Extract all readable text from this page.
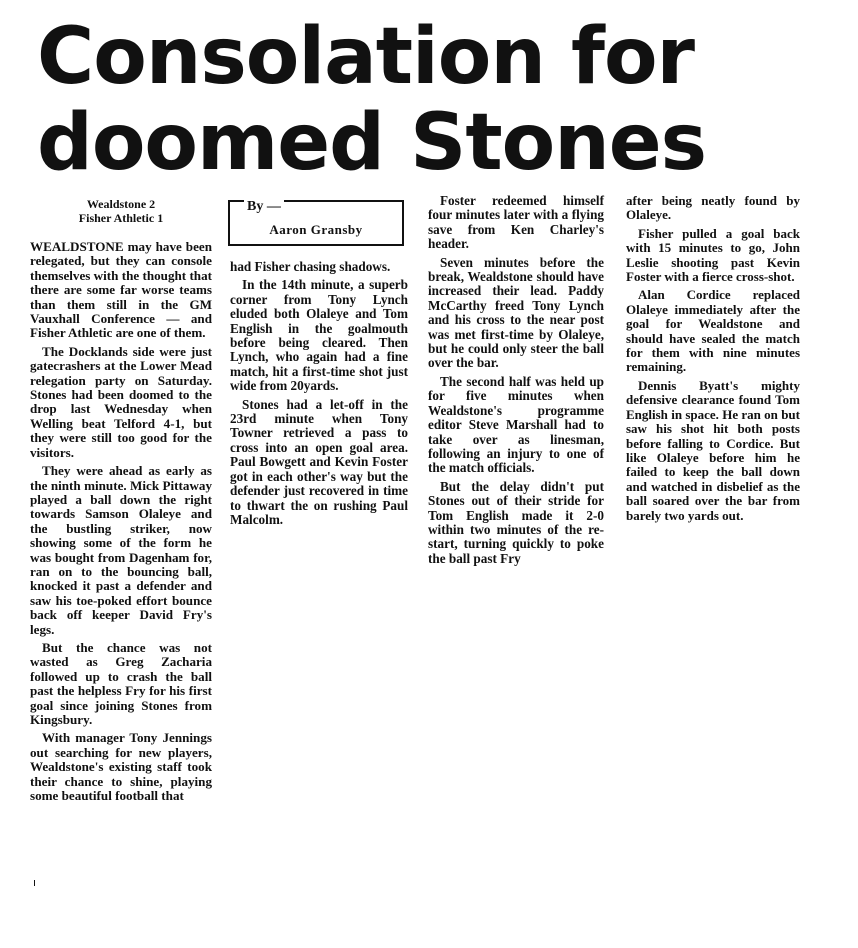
Consolation for
doomed Stones
Wealdstone 2
Fisher Athletic 1
By —
Aaron Gransby

WEALDSTONE may have been relegated, but they can console themselves with the thought that there are some far worse teams than them still in the GM Vauxhall Conference — and Fisher Athletic are one of them.

The Docklands side were just gatecrashers at the Lower Mead relegation party on Saturday. Stones had been doomed to the drop last Wednesday when Welling beat Telford 4-1, but they were still too good for the visitors.

They were ahead as early as the ninth minute. Mick Pittaway played a ball down the right towards Samson Olaleye and the bustling striker, now showing some of the form he was bought from Dagenham for, ran on to the bouncing ball, knocked it past a defender and saw his toe-poked effort bounce back off keeper David Fry's legs.

But the chance was not wasted as Greg Zacharia followed up to crash the ball past the helpless Fry for his first goal since joining Stones from Kingsbury.

With manager Tony Jennings out searching for new players, Wealdstone's existing staff took their chance to shine, playing some beautiful football that

had Fisher chasing shadows.

In the 14th minute, a superb corner from Tony Lynch eluded both Olaleye and Tom English in the goalmouth before being cleared. Then Lynch, who again had a fine match, hit a first-time shot just wide from 20yards.

Stones had a let-off in the 23rd minute when Tony Towner retrieved a pass to cross into an open goal area. Paul Bowgett and Kevin Foster got in each other's way but the defender just recovered in time to thwart the on rushing Paul Malcolm.

Foster redeemed himself four minutes later with a flying save from Ken Charley's header.

Seven minutes before the break, Wealdstone should have increased their lead. Paddy McCarthy freed Tony Lynch and his cross to the near post was met first-time by Olaleye, but he could only steer the ball over the bar.

The second half was held up for five minutes when Wealdstone's programme editor Steve Marshall had to take over as linesman, following an injury to one of the match officials.

But the delay didn't put Stones out of their stride for Tom English made it 2-0 within two minutes of the re-start, turning quickly to poke the ball past Fry

after being neatly found by Olaleye.

Fisher pulled a goal back with 15 minutes to go, John Leslie shooting past Kevin Foster with a fierce cross-shot.

Alan Cordice replaced Olaleye immediately after the goal for Wealdstone and should have sealed the match for them with nine minutes remaining.

Dennis Byatt's mighty defensive clearance found Tom English in space. He ran on but saw his shot hit both posts before falling to Cordice. But like Olaleye before him he failed to keep the ball down and watched in disbelief as the ball soared over the bar from barely two yards out.
